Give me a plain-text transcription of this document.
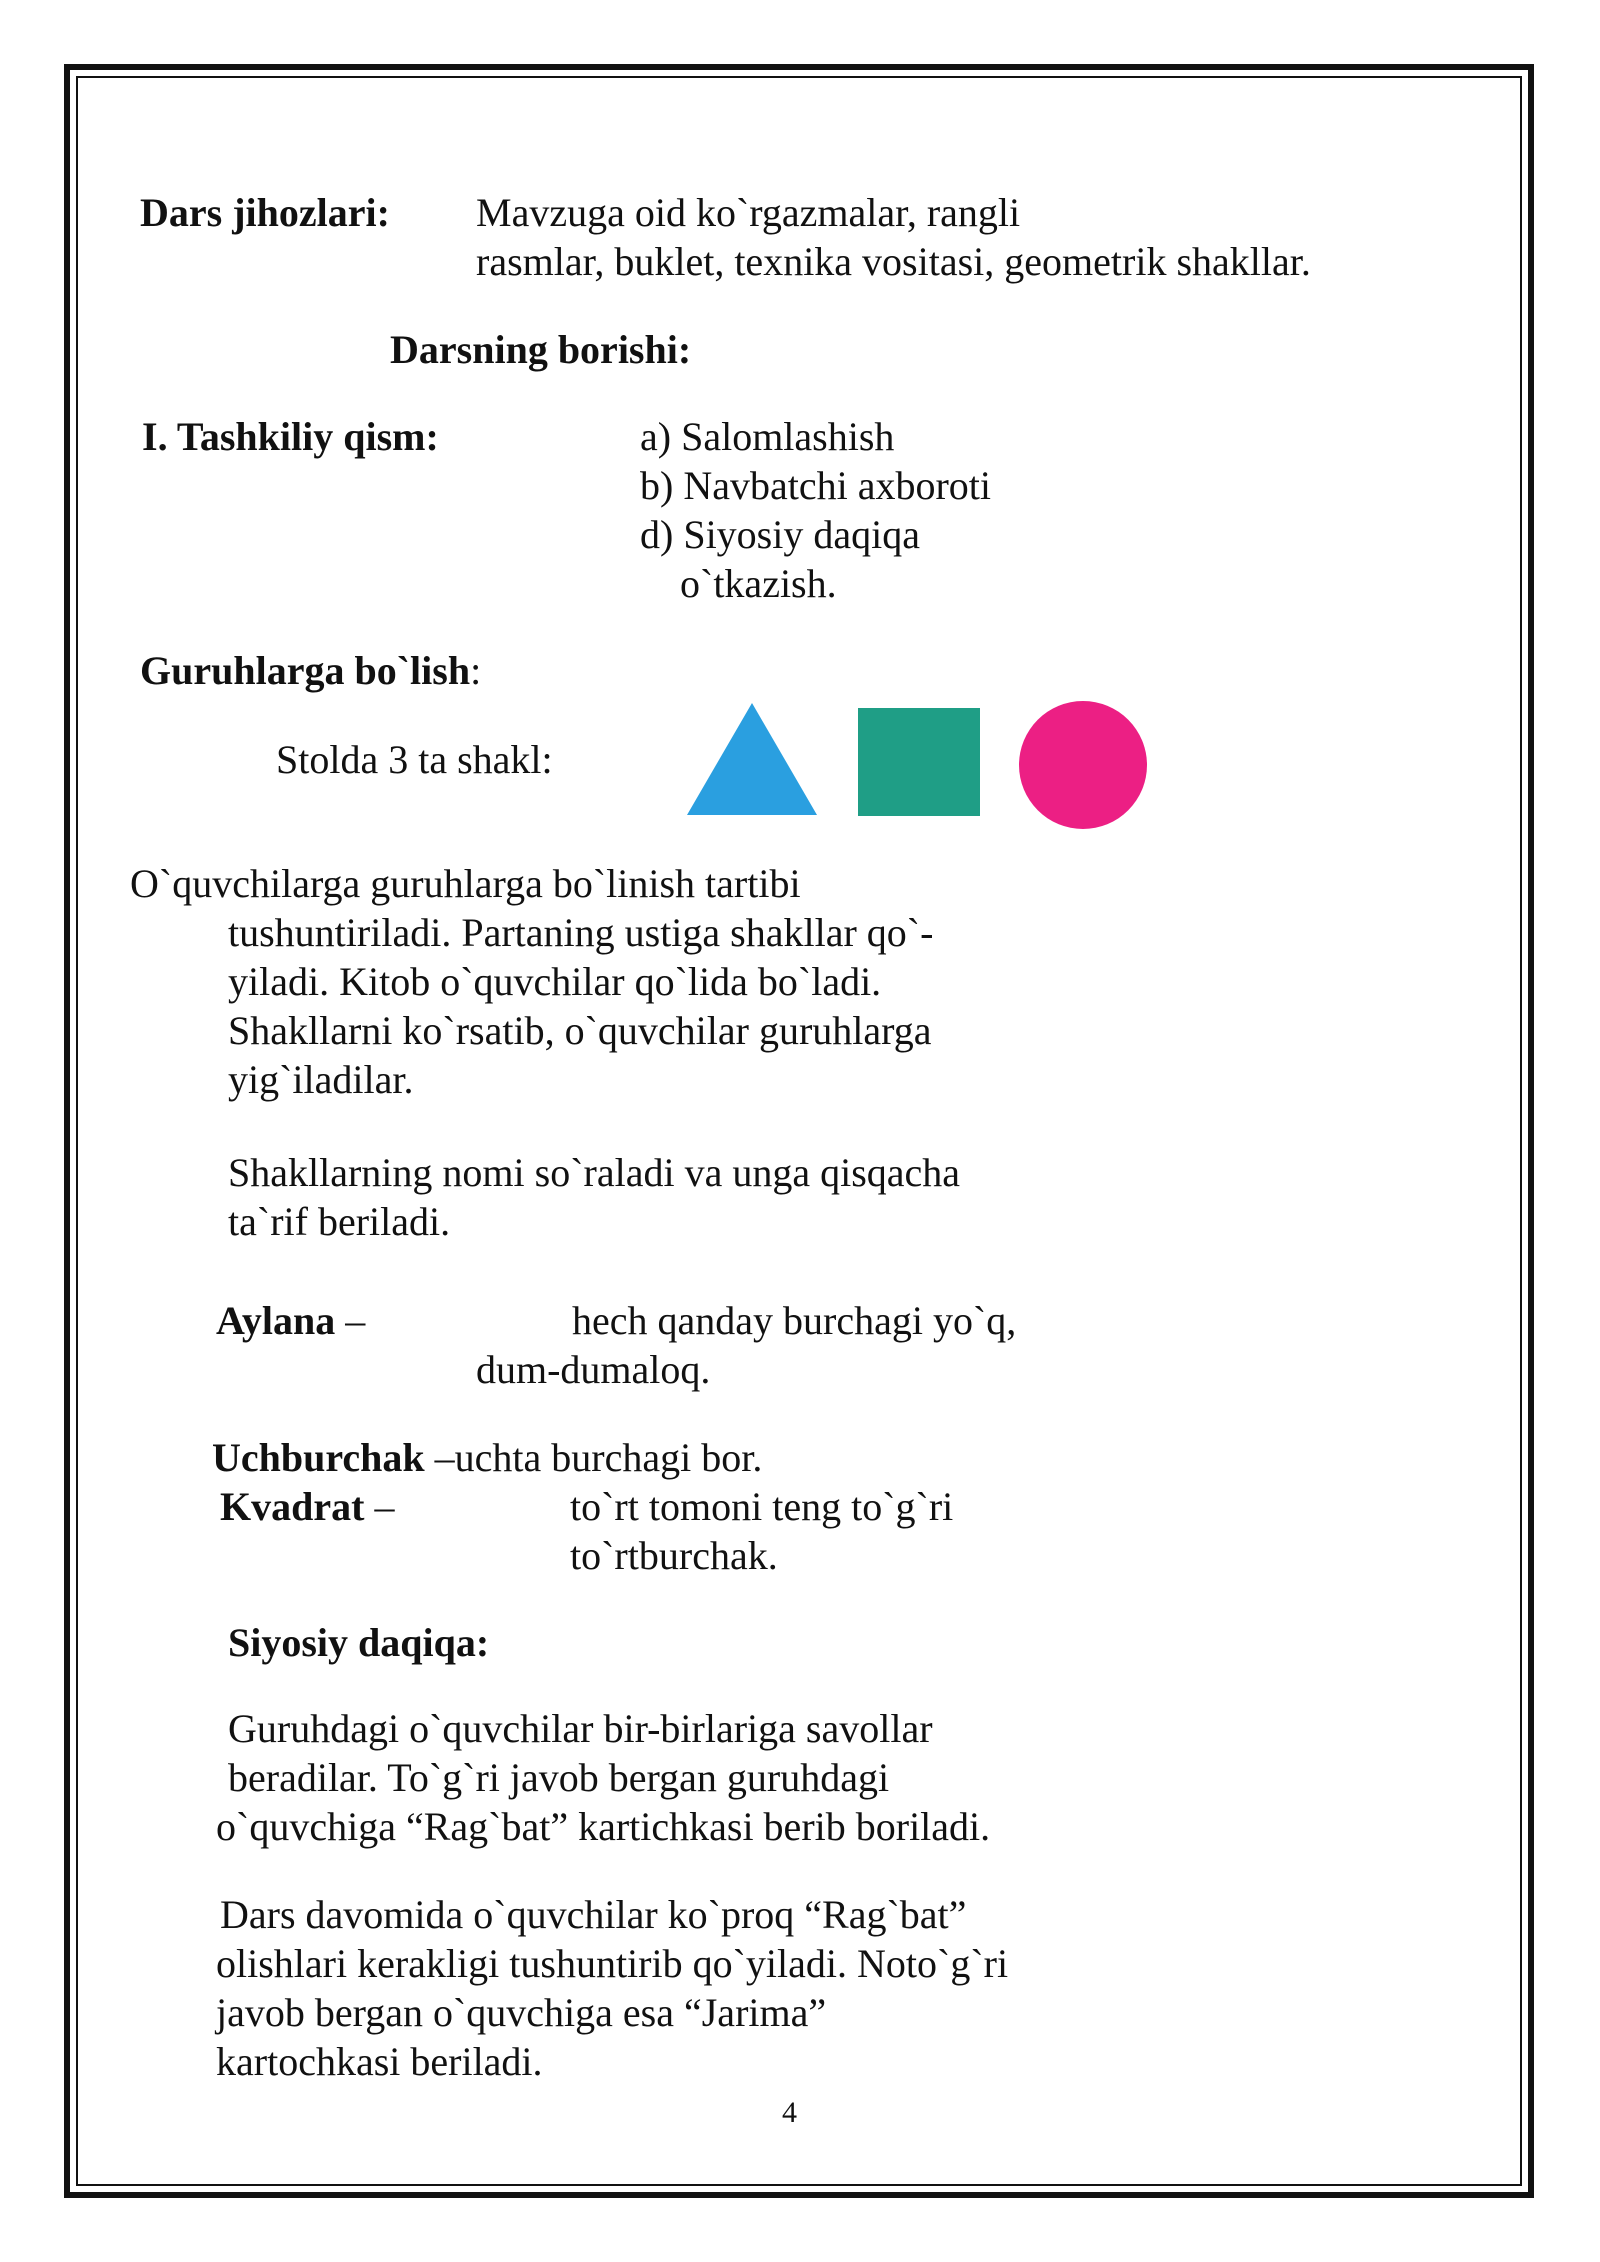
Dars jihozlari: Mavzuga oid ko`rgazmalar, rangli

rasmlar, buklet, texnika vositasi, geometrik shakllar.

Darsning borishi:

I. Tashkiliy qism:	a) Salomlashish

b) Navbatchi axboroti

d) Siyosiy daqiqa

o`tkazish.

Guruhlarga bo`lish:

Stolda 3 ta shakl:

O`quvchilarga guruhlarga bo`linish tartibi

tushuntiriladi. Partaning ustiga shakllar qo`-

yiladi. Kitob o`quvchilar qo`lida bo`ladi.

Shakllarni ko`rsatib, o`quvchilar guruhlarga

yig`iladilar.

Shakllarning nomi so`raladi va unga qisqacha

ta`rif beriladi.

Aylana –	hech qanday burchagi yo`q,

dum-dumaloq.

Uchburchak –uchta burchagi bor.

Kvadrat –	to`rt tomoni teng to`g`ri

to`rtburchak.

Siyosiy daqiqa:

Guruhdagi o`quvchilar bir-birlariga savollar

beradilar. To`g`ri javob bergan guruhdagi

o`quvchiga “Rag`bat” kartichkasi berib boriladi.

Dars davomida o`quvchilar ko`proq “Rag`bat”

olishlari kerakligi tushuntirib qo`yiladi. Noto`g`ri

javob bergan o`quvchiga esa “Jarima”

kartochkasi beriladi.

4
